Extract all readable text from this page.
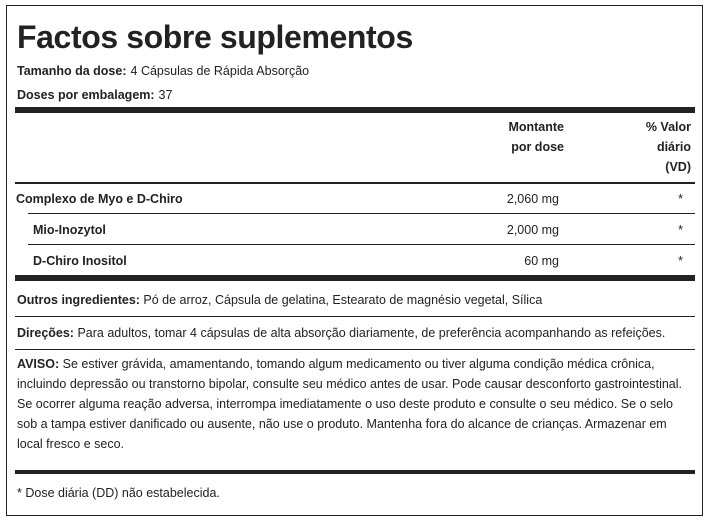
Factos sobre suplementos
Tamanho da dose: 4 Cápsulas de Rápida Absorção
Doses por embalagem: 37
Montante
por dose
% Valor
diário
(VD)
Complexo de Myo e D-Chiro	2,060 mg	*
Mio-Inozytol	2,000 mg	*
D-Chiro Inositol	60 mg	*

Outros ingredientes: Pó de arroz, Cápsula de gelatina, Estearato de magnésio vegetal, Sílica

Direções: Para adultos, tomar 4 cápsulas de alta absorção diariamente, de preferência acompanhando as refeições.

AVISO: Se estiver grávida, amamentando, tomando algum medicamento ou tiver alguma condição médica crônica, incluindo depressão ou transtorno bipolar, consulte seu médico antes de usar. Pode causar desconforto gastrointestinal. Se ocorrer alguma reação adversa, interrompa imediatamente o uso deste produto e consulte o seu médico. Se o selo sob a tampa estiver danificado ou ausente, não use o produto. Mantenha fora do alcance de crianças. Armazenar em local fresco e seco.

* Dose diária (DD) não estabelecida.
